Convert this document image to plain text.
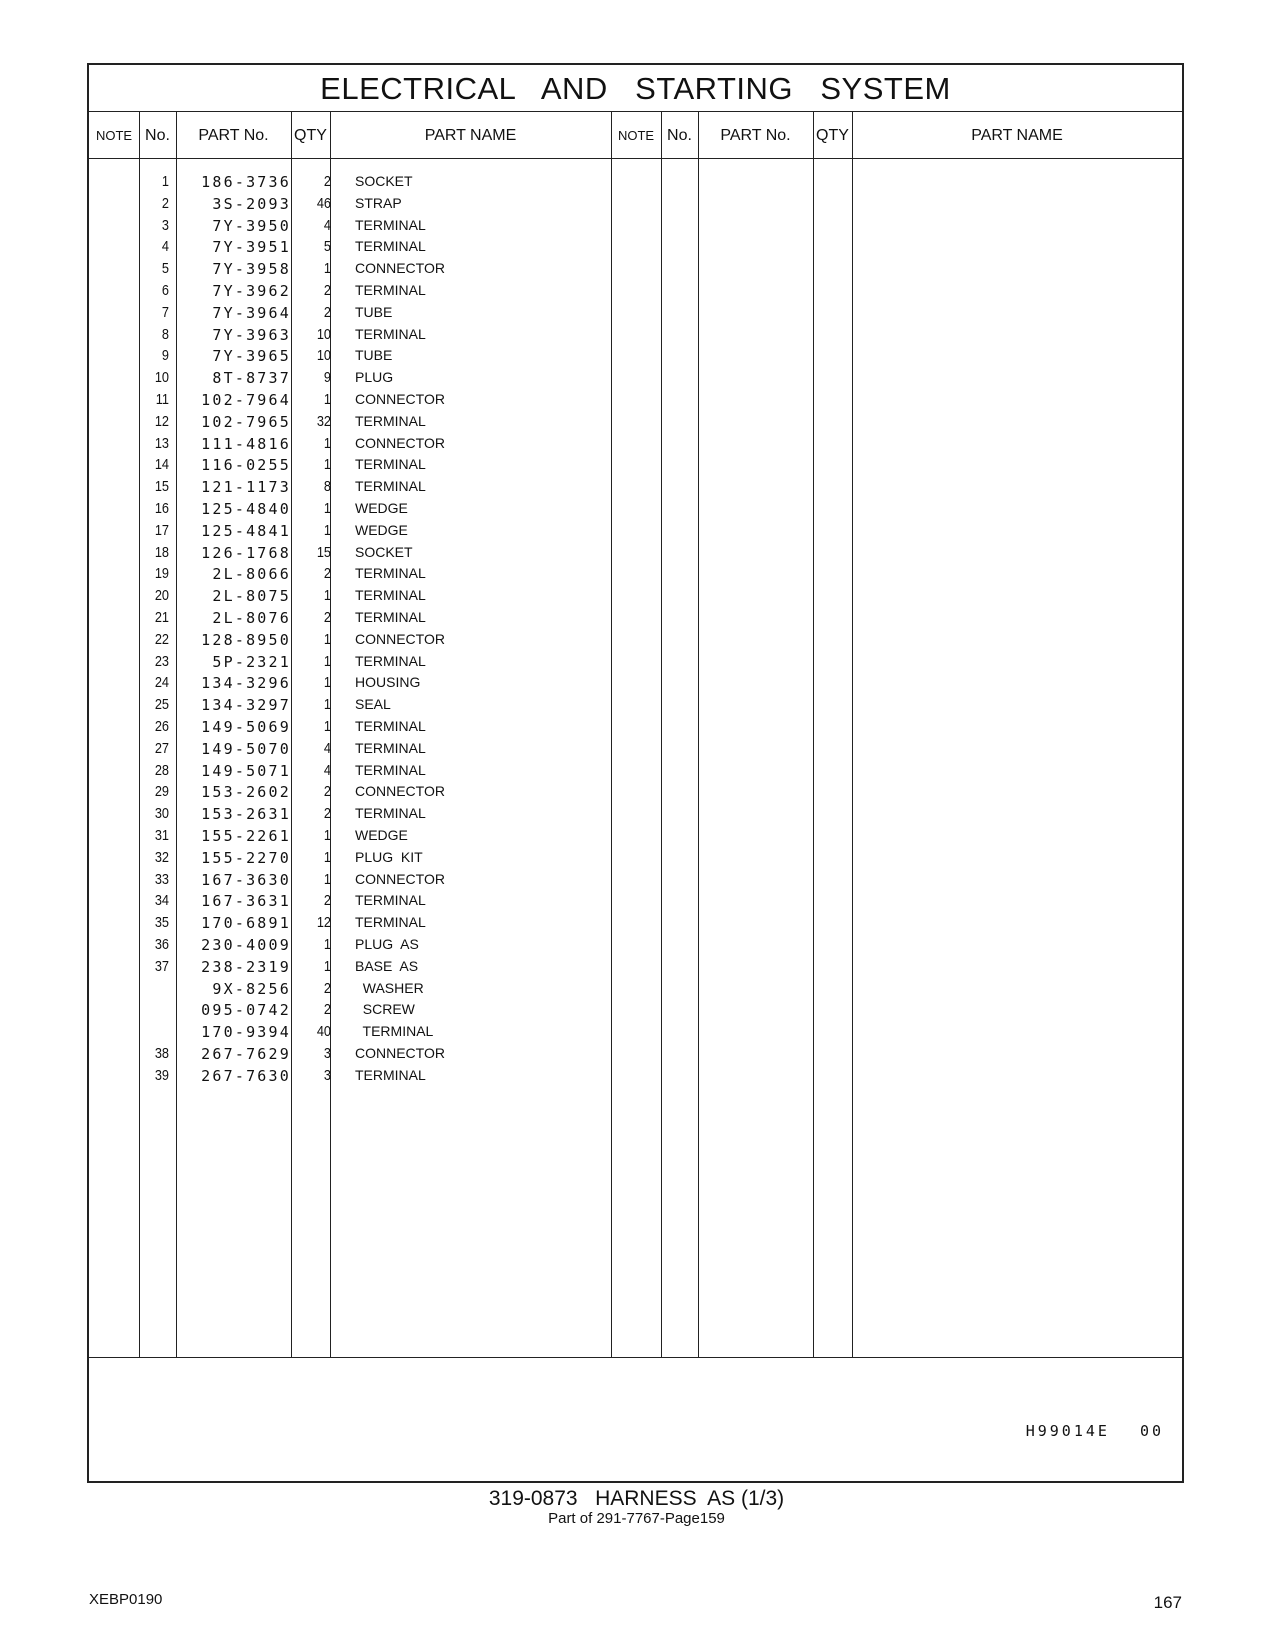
ELECTRICAL   AND   STARTING   SYSTEM
NOTE No.	PART No.	QTY	PART NAME	NOTE No.	PART No.	QTY	PART NAME
1	186-3736	2 SOCKET
2	3S-2093	46 STRAP
3	7Y-3950	4 TERMINAL
4	7Y-3951	5 TERMINAL
5	7Y-3958	1 CONNECTOR
6	7Y-3962	2 TERMINAL
7	7Y-3964	2 TUBE
8	7Y-3963	10 TERMINAL
9	7Y-3965	10 TUBE
10	8T-8737	9 PLUG
11	102-7964	1 CONNECTOR
12	102-7965	32 TERMINAL
13	111-4816	1 CONNECTOR
14	116-0255	1 TERMINAL
15	121-1173	8 TERMINAL
16	125-4840	1 WEDGE
17	125-4841	1 WEDGE
18	126-1768	15 SOCKET
19	2L-8066	2 TERMINAL
20	2L-8075	1 TERMINAL
21	2L-8076	2 TERMINAL
22	128-8950	1 CONNECTOR
23	5P-2321	1 TERMINAL
24	134-3296	1 HOUSING
25	134-3297	1 SEAL
26	149-5069	1 TERMINAL
27	149-5070	4 TERMINAL
28	149-5071	4 TERMINAL
29	153-2602	2 CONNECTOR
30	153-2631	2 TERMINAL
31	155-2261	1 WEDGE
32	155-2270	1 PLUG  KIT
33	167-3630	1 CONNECTOR
34	167-3631	2 TERMINAL
35	170-6891	12 TERMINAL
36	230-4009	1 PLUG  AS
37	238-2319	1 BASE  AS
9X-8256	2 WASHER
095-0742	2 SCREW
170-9394	40 TERMINAL
38	267-7629	3 CONNECTOR
39	267-7630	3 TERMINAL
H99014E 00
319-0873   HARNESS  AS (1/3)
Part of 291-7767-Page159
XEBP0190	167
